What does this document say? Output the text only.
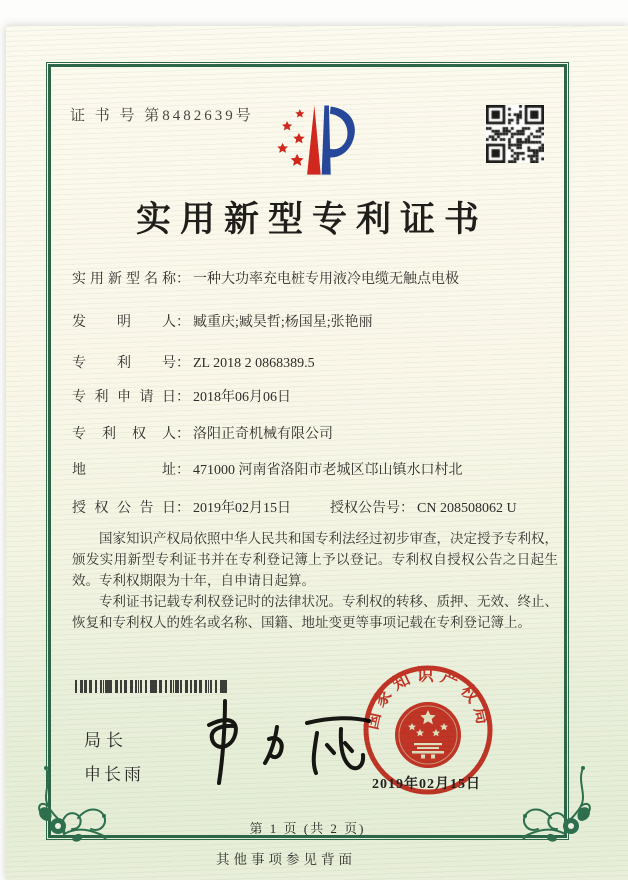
证 书 号 第8482639号
实用新型专利证书
实用新型名称： 一种大功率充电桩专用液冷电缆无触点电极
发明人： 臧重庆;臧昊哲;杨国星;张艳丽
专利号： ZL 2018 2 0868389.5
专利申请日： 2018年06月06日
专利权人： 洛阳正奇机械有限公司
地址： 471000 河南省洛阳市老城区邙山镇水口村北
授权公告日： 2019年02月15日	授权公告号： CN 208508062 U

国家知识产权局依照中华人民共和国专利法经过初步审查，决定授予专利权，颁发实用新型专利证书并在专利登记簿上予以登记。专利权自授权公告之日起生效。专利权期限为十年，自申请日起算。

专利证书记载专利权登记时的法律状况。专利权的转移、质押、无效、终止、恢复和专利权人的姓名或名称、国籍、地址变更等事项记载在专利登记簿上。

局长
申长雨
国家知识产权局
2019年02月15日
第 1 页 (共 2 页)
其他事项参见背面
